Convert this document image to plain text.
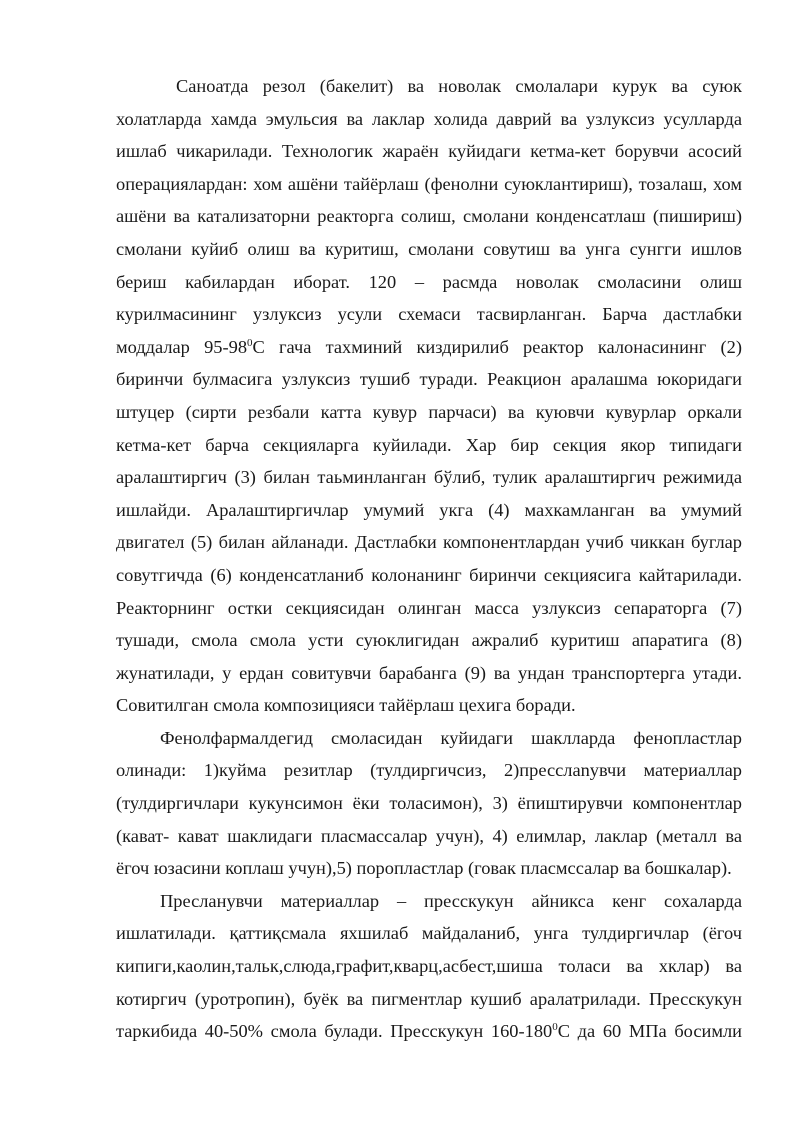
Саноатда резол (бакелит) ва новолак смолалари курук ва суюк
холатларда хамда эмульсия ва лаклар холида даврий ва узлуксиз усулларда
ишлаб чикарилади. Технологик жараён куйидаги кетма-кет борувчи асосий
операциялардан: хом ашёни тайёрлаш (фенолни суюклантириш), тозалаш, хом
ашёни ва катализаторни реакторга солиш, смолани конденсатлаш (пишириш)
смолани куйиб олиш ва куритиш, смолани совутиш ва унга сунгги ишлов
бериш кабилардан иборат. 120 – расмда новолак смоласини олиш
курилмасининг узлуксиз усули схемаси тасвирланган. Барча дастлабки
моддалар $95-98^0С$ гача тахминий киздирилиб реактор калонасининг (2)
биринчи булмасига узлуксиз тушиб туради. Реакцион аралашма юкоридаги
штуцер (сирти резбали катта кувур парчаси) ва куювчи кувурлар оркали
кетма-кет барча секцияларга куйилади. Хар бир секция якор типидаги
аралаштиргич (3) билан таьминланган бўлиб, тулик аралаштиргич режимида
ишлайди. Аралаштиргичлар умумий укга (4) махкамланган ва умумий
двигател (5) билан айланади. Дастлабки компонентлардан учиб чиккан буглар
совутгичда (6) конденсатланиб колонанинг биринчи секциясига кайтарилади.
Реакторнинг остки секциясидан олинган масса узлуксиз сепараторга (7)
тушади, смола смола усти суюклигидан ажралиб куритиш апаратига (8)
жунатилади, у ердан совитувчи барабанга (9) ва ундан транспортерга утади.
Совитилган смола композицияси тайёрлаш цехига боради.
Фенолфармалдегид смоласидан куйидаги шаклларда фенопластлар
олинади: 1)куйма резитлар (тулдиргичсиз, 2)пресслanувчи материаллар
(тулдиргичлари кукунсимон ёки толасимон), 3) ёпиштирувчи компонентлар
(кават- кават шаклидаги пласмассалар учун), 4) елимлар, лаклар (металл ва
ёгоч юзасини коплаш учун),5) поропластлар (говак пласмссалар ва бошкалар).
Пресланувчи материаллар – пресскукун айникса кенг сохаларда
ишлатилади. қаттиқсмала яхшилаб майдаланиб, унга тулдиргичлар (ёгоч
кипиги,каолин,тальк,слюда,графит,кварц,асбест,шиша толаси ва хклар) ва
котиргич (уротропин), буёк ва пигментлар кушиб аралатрилади. Пресскукун
таркибида 40-50% смола булади. Пресскукун $160-180^0С$ да 60 МПа босимли
